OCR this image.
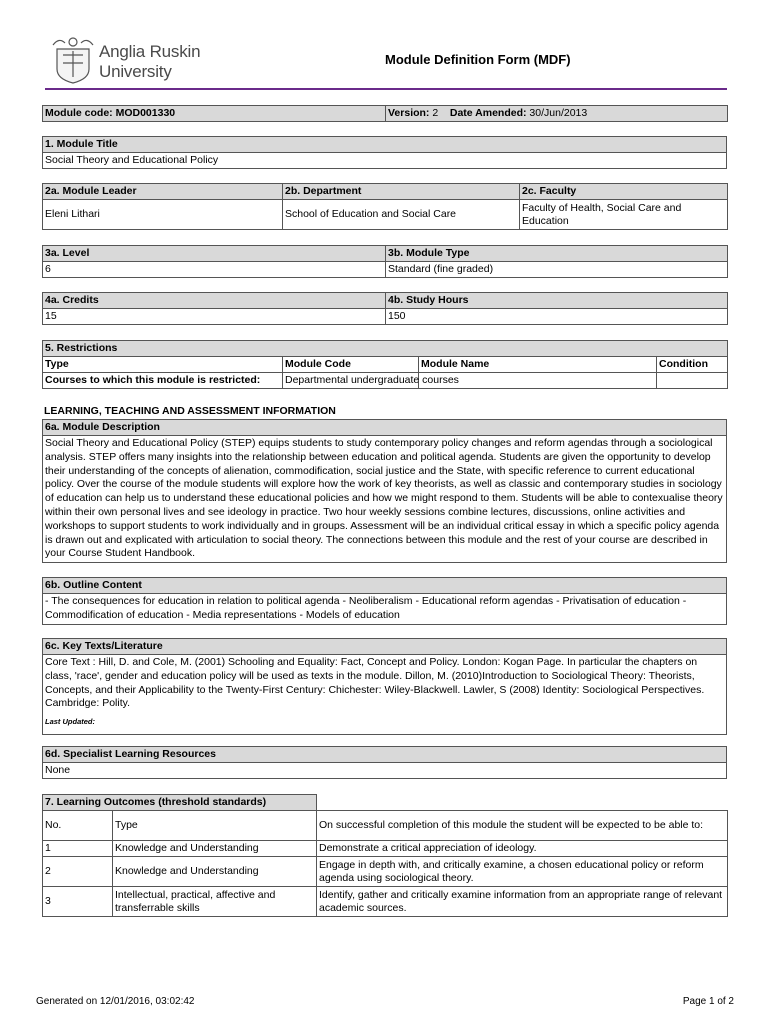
Anglia Ruskin
University
Module Definition Form (MDF)
Module code: MOD001330	Version: 2 Date Amended: 30/Jun/2013
1. Module Title
Social Theory and Educational Policy
2a. Module Leader	2b. Department	2c. Faculty
Eleni Lithari	School of Education and Social Care	Faculty of Health, Social Care and Education
3a. Level	3b. Module Type
6	Standard (fine graded)
4a. Credits	4b. Study Hours
15	150
5. Restrictions			
Type	Module Code	Module Name	Condition
Courses to which this module is restricted:	Departmental undergraduate courses		
LEARNING, TEACHING AND ASSESSMENT INFORMATION
6a. Module Description
Social Theory and Educational Policy (STEP) equips students to study contemporary policy changes and reform agendas through a sociological analysis. STEP offers many insights into the relationship between education and political agenda. Students are given the opportunity to develop their understanding of the concepts of alienation, commodification, social justice and the State, with specific reference to current educational policy. Over the course of the module students will explore how the work of key theorists, as well as classic and contemporary studies in sociology of education can help us to understand these educational policies and how we might respond to them. Students will be able to contexualise theory within their own personal lives and see ideology in practice. Two hour weekly sessions combine lectures, discussions, online activities and workshops to support students to work individually and in groups. Assessment will be an individual critical essay in which a specific policy agenda is drawn out and explicated with articulation to social theory. The connections between this module and the rest of your course are described in your Course Student Handbook.
6b. Outline Content
- The consequences for education in relation to political agenda - Neoliberalism - Educational reform agendas - Privatisation of education - Commodification of education - Media representations - Models of education
6c. Key Texts/Literature

Core Text : Hill, D. and Cole, M. (2001) Schooling and Equality: Fact, Concept and Policy. London: Kogan Page. In particular the chapters on class, 'race', gender and education policy will be used as texts in the module. Dillon, M. (2010)Introduction to Sociological Theory: Theorists, Concepts, and their Applicability to the Twenty-First Century: Chichester: Wiley-Blackwell. Lawler, S (2008) Identity: Sociological Perspectives. Cambridge: Polity.
Last Updated:
6d. Specialist Learning Resources
None
7. Learning Outcomes (threshold standards)		
No.	Type	On successful completion of this module the student will be expected to be able to:
1	Knowledge and Understanding	Demonstrate a critical appreciation of ideology.
2	Knowledge and Understanding	Engage in depth with, and critically examine, a chosen educational policy or reform agenda using sociological theory.
3	Intellectual, practical, affective and transferrable skills	Identify, gather and critically examine information from an appropriate range of relevant academic sources.
Generated on 12/01/2016, 03:02:42	Page 1 of 2
